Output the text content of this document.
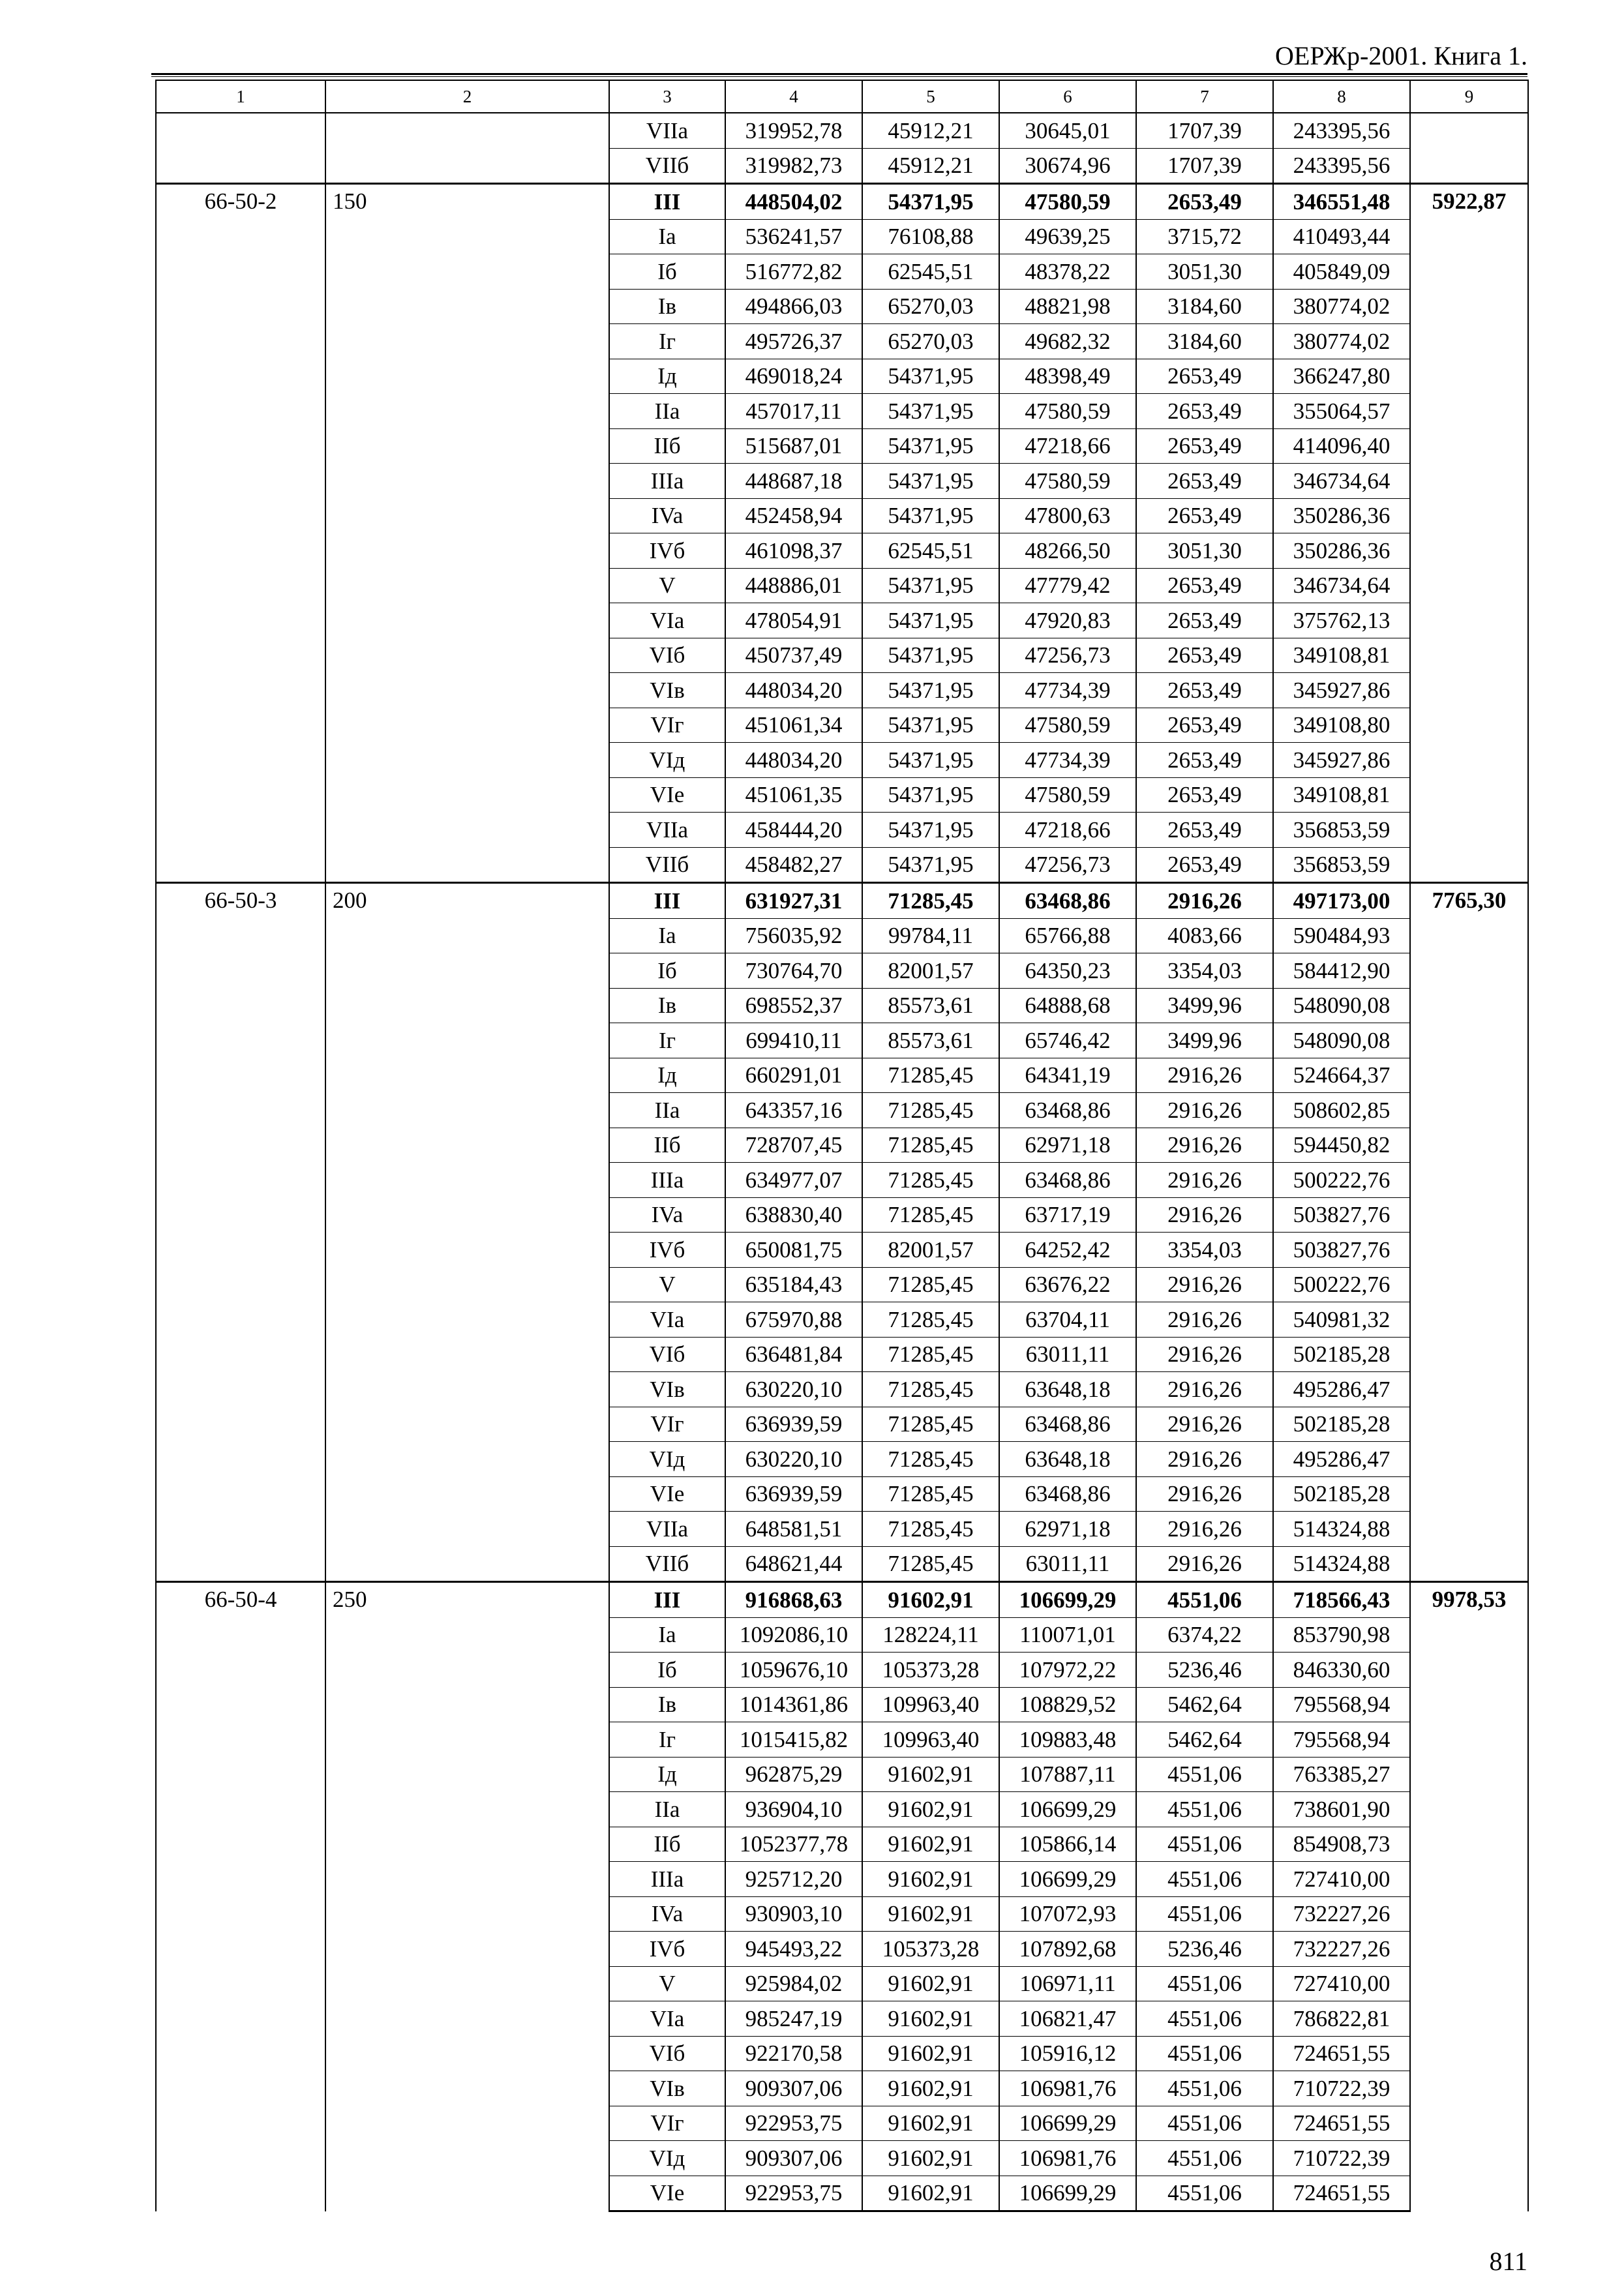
ОЕРЖр-2001. Книга 1.
1	2	3	4	5	6	7	8	9
		VIIa	319952,78	45912,21	30645,01	1707,39	243395,56	
		VIIб	319982,73	45912,21	30674,96	1707,39	243395,56	
66-50-2	150	III	448504,02	54371,95	47580,59	2653,49	346551,48	5922,87
		Ia	536241,57	76108,88	49639,25	3715,72	410493,44	
		Iб	516772,82	62545,51	48378,22	3051,30	405849,09	
		Iв	494866,03	65270,03	48821,98	3184,60	380774,02	
		Iг	495726,37	65270,03	49682,32	3184,60	380774,02	
		Iд	469018,24	54371,95	48398,49	2653,49	366247,80	
		IIa	457017,11	54371,95	47580,59	2653,49	355064,57	
		IIб	515687,01	54371,95	47218,66	2653,49	414096,40	
		IIIa	448687,18	54371,95	47580,59	2653,49	346734,64	
		IVa	452458,94	54371,95	47800,63	2653,49	350286,36	
		IVб	461098,37	62545,51	48266,50	3051,30	350286,36	
		V	448886,01	54371,95	47779,42	2653,49	346734,64	
		VIa	478054,91	54371,95	47920,83	2653,49	375762,13	
		VIб	450737,49	54371,95	47256,73	2653,49	349108,81	
		VIв	448034,20	54371,95	47734,39	2653,49	345927,86	
		VIг	451061,34	54371,95	47580,59	2653,49	349108,80	
		VIд	448034,20	54371,95	47734,39	2653,49	345927,86	
		VIe	451061,35	54371,95	47580,59	2653,49	349108,81	
		VIIa	458444,20	54371,95	47218,66	2653,49	356853,59	
		VIIб	458482,27	54371,95	47256,73	2653,49	356853,59	
66-50-3	200	III	631927,31	71285,45	63468,86	2916,26	497173,00	7765,30
		Ia	756035,92	99784,11	65766,88	4083,66	590484,93	
		Iб	730764,70	82001,57	64350,23	3354,03	584412,90	
		Iв	698552,37	85573,61	64888,68	3499,96	548090,08	
		Iг	699410,11	85573,61	65746,42	3499,96	548090,08	
		Iд	660291,01	71285,45	64341,19	2916,26	524664,37	
		IIa	643357,16	71285,45	63468,86	2916,26	508602,85	
		IIб	728707,45	71285,45	62971,18	2916,26	594450,82	
		IIIa	634977,07	71285,45	63468,86	2916,26	500222,76	
		IVa	638830,40	71285,45	63717,19	2916,26	503827,76	
		IVб	650081,75	82001,57	64252,42	3354,03	503827,76	
		V	635184,43	71285,45	63676,22	2916,26	500222,76	
		VIa	675970,88	71285,45	63704,11	2916,26	540981,32	
		VIб	636481,84	71285,45	63011,11	2916,26	502185,28	
		VIв	630220,10	71285,45	63648,18	2916,26	495286,47	
		VIг	636939,59	71285,45	63468,86	2916,26	502185,28	
		VIд	630220,10	71285,45	63648,18	2916,26	495286,47	
		VIe	636939,59	71285,45	63468,86	2916,26	502185,28	
		VIIa	648581,51	71285,45	62971,18	2916,26	514324,88	
		VIIб	648621,44	71285,45	63011,11	2916,26	514324,88	
66-50-4	250	III	916868,63	91602,91	106699,29	4551,06	718566,43	9978,53
		Ia	1092086,10	128224,11	110071,01	6374,22	853790,98	
		Iб	1059676,10	105373,28	107972,22	5236,46	846330,60	
		Iв	1014361,86	109963,40	108829,52	5462,64	795568,94	
		Iг	1015415,82	109963,40	109883,48	5462,64	795568,94	
		Iд	962875,29	91602,91	107887,11	4551,06	763385,27	
		IIa	936904,10	91602,91	106699,29	4551,06	738601,90	
		IIб	1052377,78	91602,91	105866,14	4551,06	854908,73	
		IIIa	925712,20	91602,91	106699,29	4551,06	727410,00	
		IVa	930903,10	91602,91	107072,93	4551,06	732227,26	
		IVб	945493,22	105373,28	107892,68	5236,46	732227,26	
		V	925984,02	91602,91	106971,11	4551,06	727410,00	
		VIa	985247,19	91602,91	106821,47	4551,06	786822,81	
		VIб	922170,58	91602,91	105916,12	4551,06	724651,55	
		VIв	909307,06	91602,91	106981,76	4551,06	710722,39	
		VIг	922953,75	91602,91	106699,29	4551,06	724651,55	
		VIд	909307,06	91602,91	106981,76	4551,06	710722,39	
		VIe	922953,75	91602,91	106699,29	4551,06	724651,55	
811
